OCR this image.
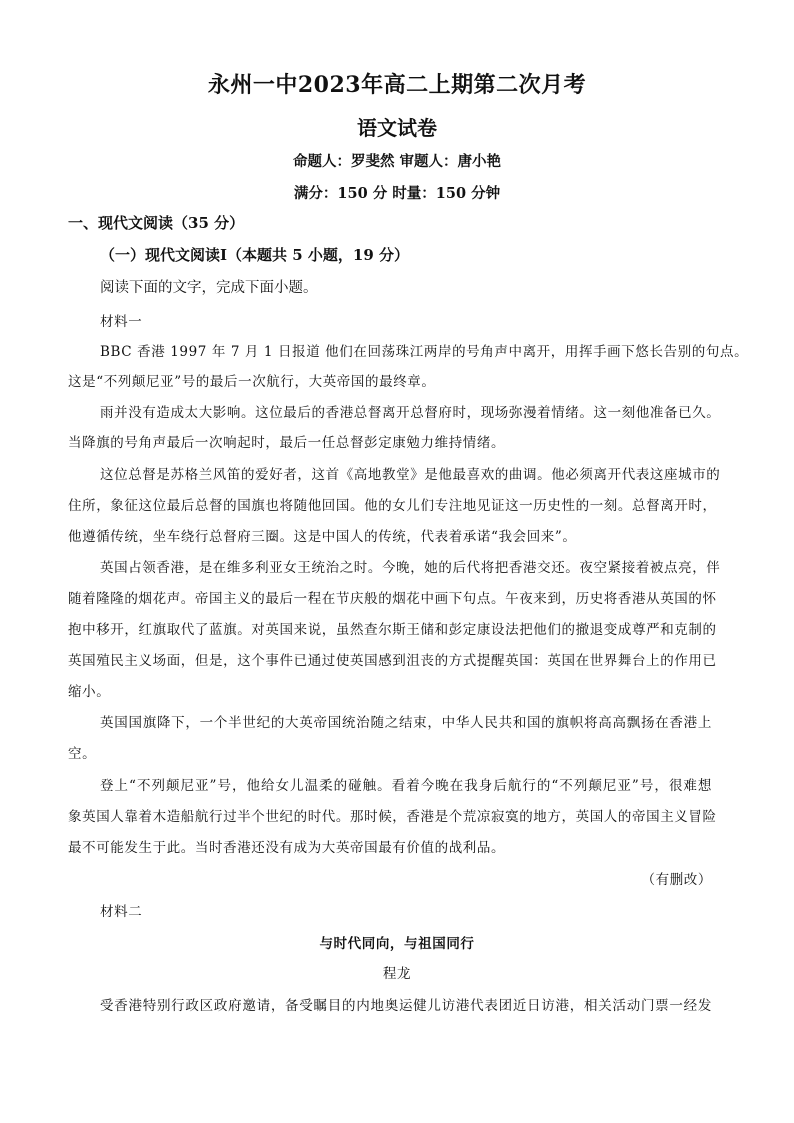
永州一中2023年高二上期第二次月考
语文试卷
命题人：罗斐然 审题人：唐小艳
满分：150 分 时量：150 分钟
一、现代文阅读（35 分）
（一）现代文阅读Ⅰ（本题共 5 小题，19 分）
阅读下面的文字，完成下面小题。
材料一
BBC 香港 1997 年 7 月 1 日报道 他们在回荡珠江两岸的号角声中离开，用挥手画下悠长告别的句点。
这是“不列颠尼亚”号的最后一次航行，大英帝国的最终章。
雨并没有造成太大影响。这位最后的香港总督离开总督府时，现场弥漫着情绪。这一刻他准备已久。
当降旗的号角声最后一次响起时，最后一任总督彭定康勉力维持情绪。
这位总督是苏格兰风笛的爱好者，这首《高地教堂》是他最喜欢的曲调。他必须离开代表这座城市的
住所，象征这位最后总督的国旗也将随他回国。他的女儿们专注地见证这一历史性的一刻。总督离开时，
他遵循传统，坐车绕行总督府三圈。这是中国人的传统，代表着承诺“我会回来”。
英国占领香港，是在维多利亚女王统治之时。今晚，她的后代将把香港交还。夜空紧接着被点亮，伴
随着隆隆的烟花声。帝国主义的最后一程在节庆般的烟花中画下句点。午夜来到，历史将香港从英国的怀
抱中移开，红旗取代了蓝旗。对英国来说，虽然查尔斯王储和彭定康设法把他们的撤退变成尊严和克制的
英国殖民主义场面，但是，这个事件已通过使英国感到沮丧的方式提醒英国：英国在世界舞台上的作用已
缩小。
英国国旗降下，一个半世纪的大英帝国统治随之结束，中华人民共和国的旗帜将高高飘扬在香港上
空。
登上“不列颠尼亚”号，他给女儿温柔的碰触。看着今晚在我身后航行的“不列颠尼亚”号，很难想
象英国人靠着木造船航行过半个世纪的时代。那时候，香港是个荒凉寂寞的地方，英国人的帝国主义冒险
最不可能发生于此。当时香港还没有成为大英帝国最有价值的战利品。
（有删改）
材料二
与时代同向，与祖国同行
程龙
受香港特别行政区政府邀请，备受瞩目的内地奥运健儿访港代表团近日访港，相关活动门票一经发
